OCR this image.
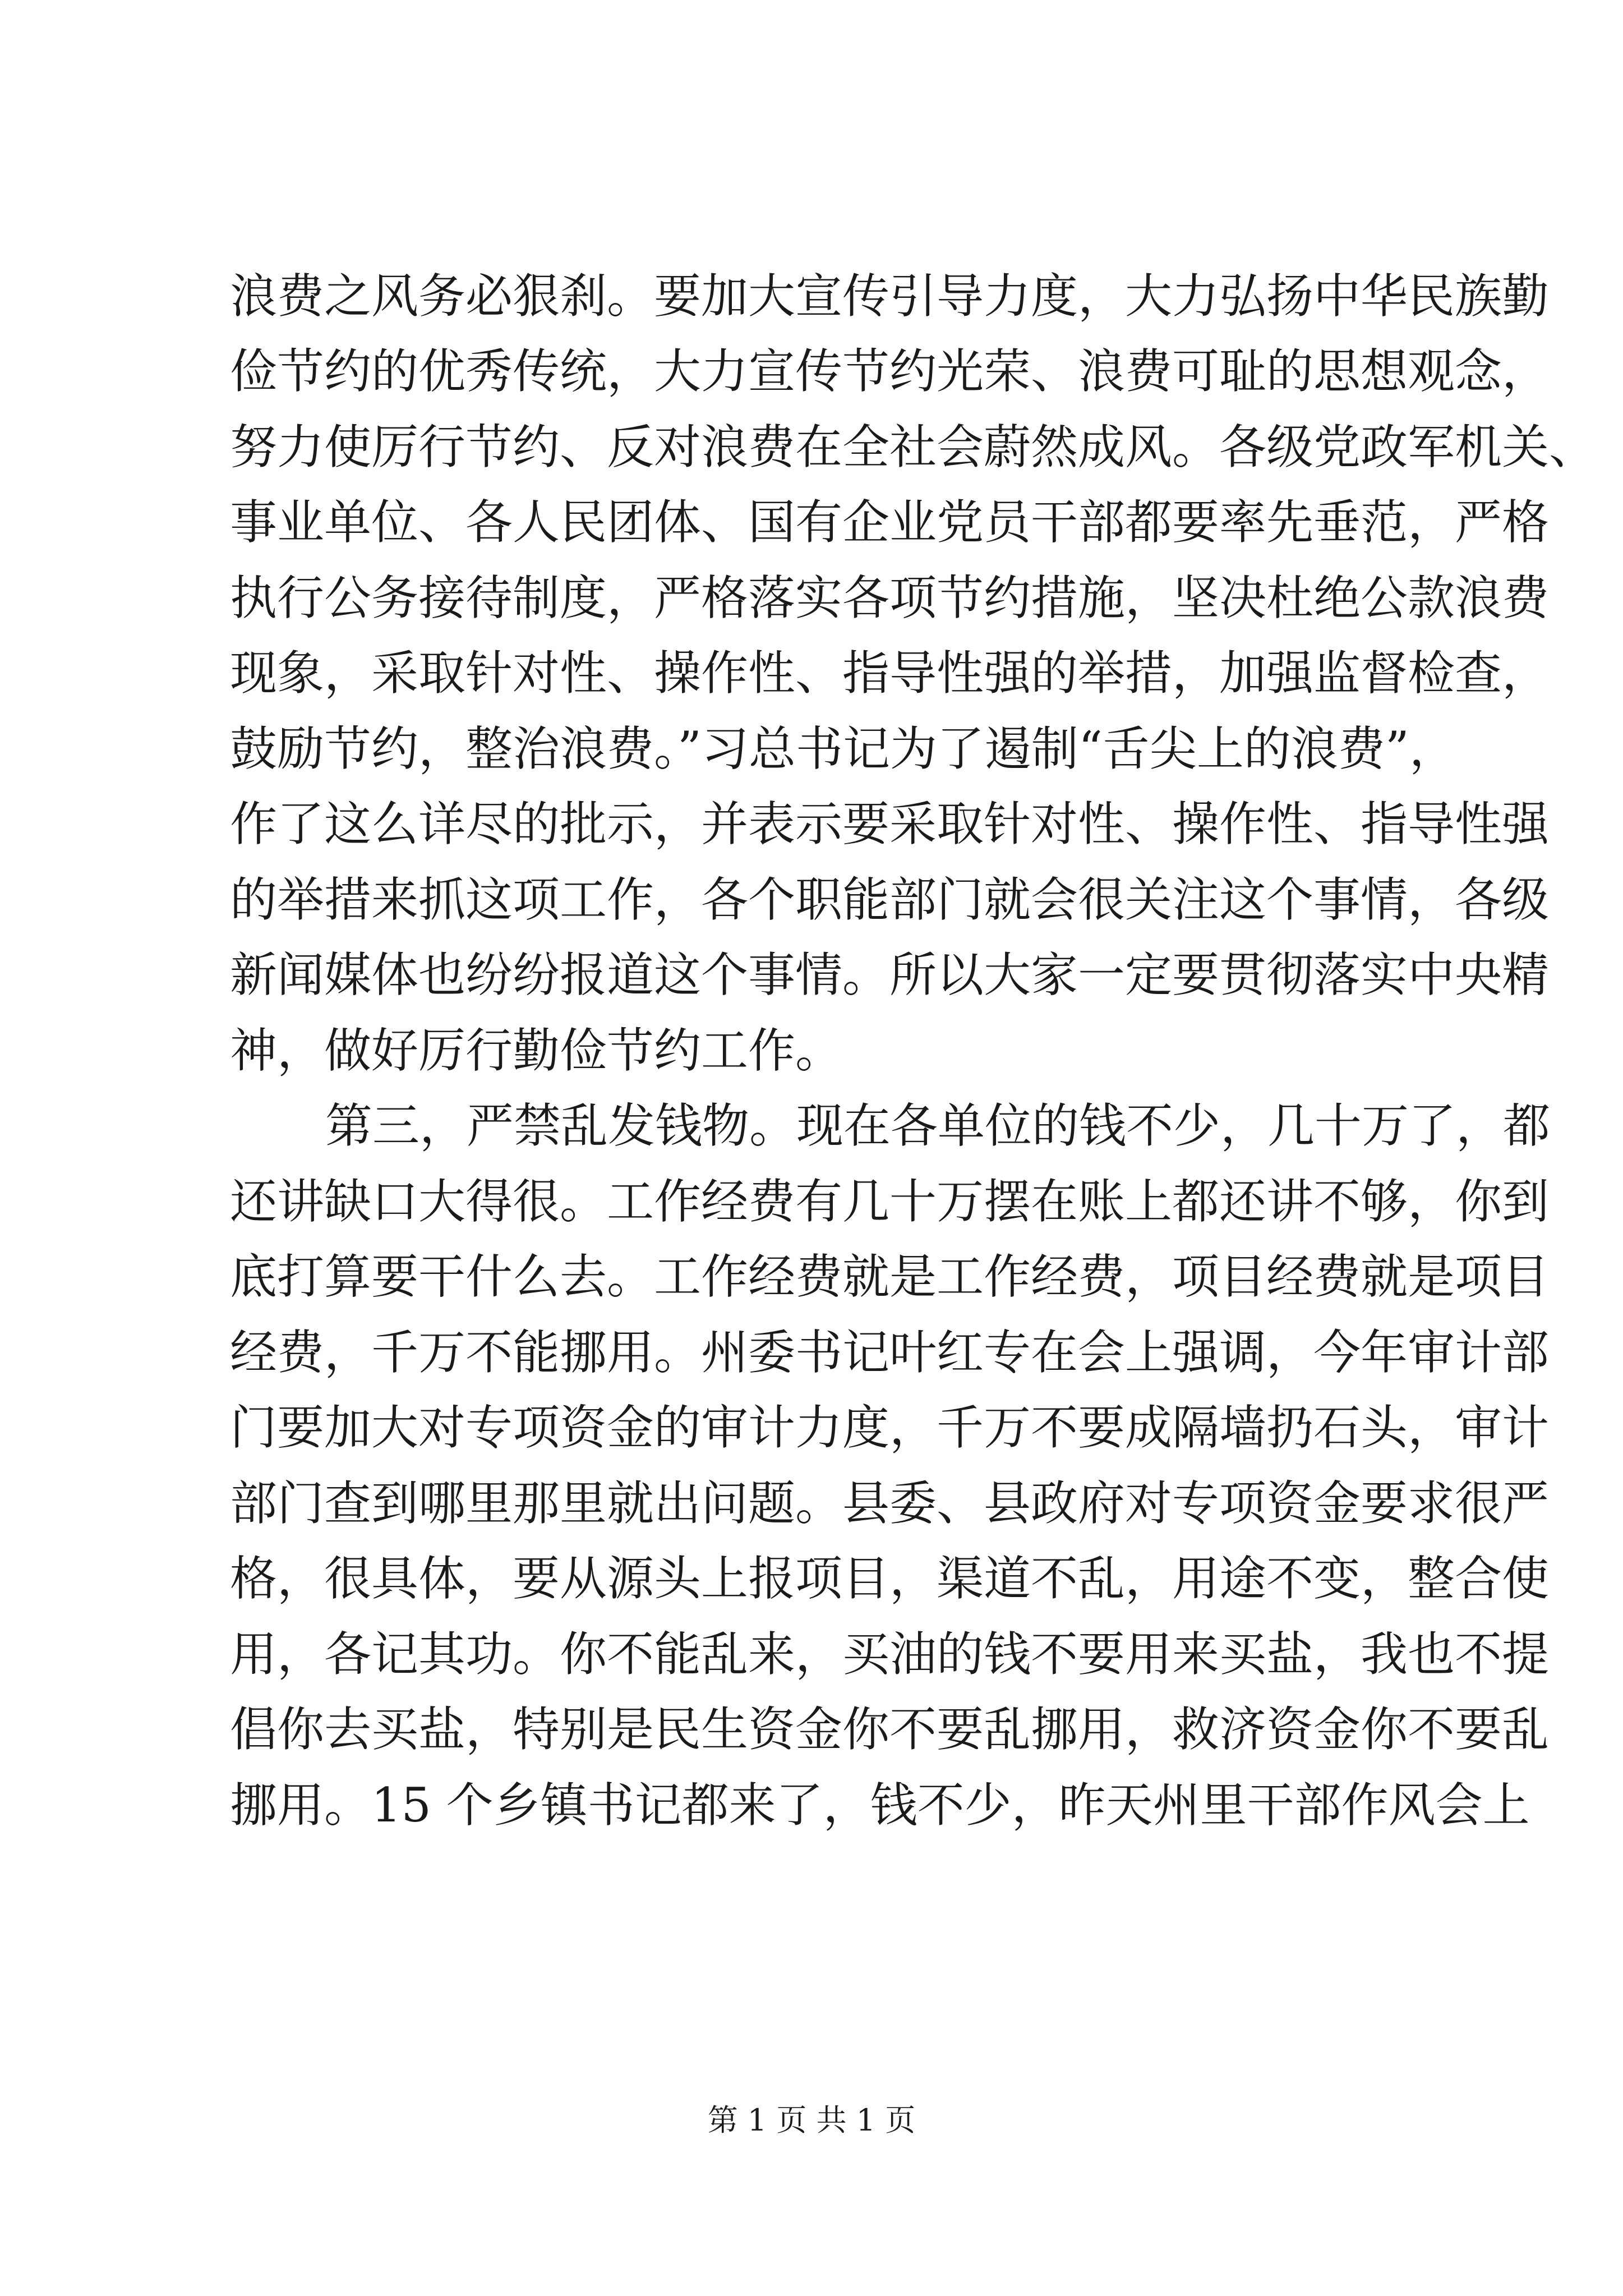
浪费之风务必狠刹。要加大宣传引导力度，大力弘扬中华民族勤
俭节约的优秀传统，大力宣传节约光荣、浪费可耻的思想观念，
努力使厉行节约、反对浪费在全社会蔚然成风。各级党政军机关、
事业单位、各人民团体、国有企业党员干部都要率先垂范，严格
执行公务接待制度，严格落实各项节约措施，坚决杜绝公款浪费
现象，采取针对性、操作性、指导性强的举措，加强监督检查，
鼓励节约，整治浪费。”习总书记为了遏制“舌尖上的浪费”，
作了这么详尽的批示，并表示要采取针对性、操作性、指导性强
的举措来抓这项工作，各个职能部门就会很关注这个事情，各级
新闻媒体也纷纷报道这个事情。所以大家一定要贯彻落实中央精
神，做好厉行勤俭节约工作。
第三，严禁乱发钱物。现在各单位的钱不少，几十万了，都
还讲缺口大得很。工作经费有几十万摆在账上都还讲不够，你到
底打算要干什么去。工作经费就是工作经费，项目经费就是项目
经费，千万不能挪用。州委书记叶红专在会上强调，今年审计部
门要加大对专项资金的审计力度，千万不要成隔墙扔石头，审计
部门查到哪里那里就出问题。县委、县政府对专项资金要求很严
格，很具体，要从源头上报项目，渠道不乱，用途不变，整合使
用，各记其功。你不能乱来，买油的钱不要用来买盐，我也不提
倡你去买盐，特别是民生资金你不要乱挪用，救济资金你不要乱
挪用。15 个乡镇书记都来了，钱不少，昨天州里干部作风会上
第 1 页 共 1 页
